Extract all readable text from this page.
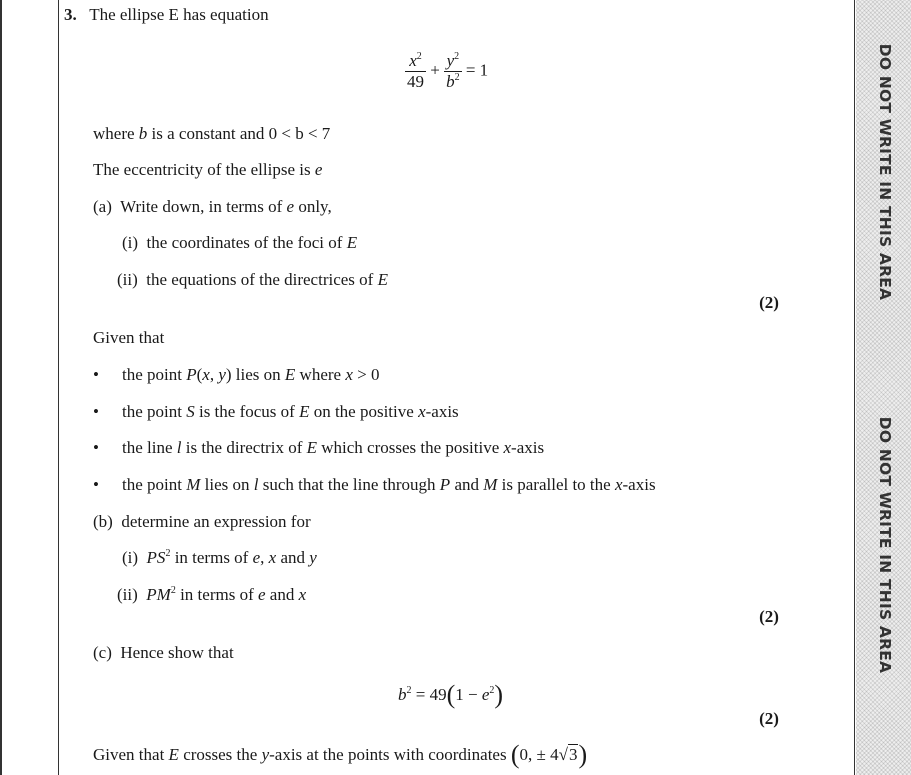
DO NOT WRITE IN THIS AREA
DO NOT WRITE IN THIS AREA
3. The ellipse E has equation
$\frac{x^2}{49} + \frac{y^2}{b^2} = 1$
where b is a constant and 0 < b < 7
The eccentricity of the ellipse is e
(a) Write down, in terms of e only,
(i) the coordinates of the foci of E
(ii) the equations of the directrices of E
(2)
Given that
• the point P(x, y) lies on E where x > 0
• the point S is the focus of E on the positive x-axis
• the line l is the directrix of E which crosses the positive x-axis
• the point M lies on l such that the line through P and M is parallel to the x-axis
(b) determine an expression for
(i) $PS^2$ in terms of e, x and y
(ii) $PM^2$ in terms of e and x
(2)
(c) Hence show that
$b^2 = 49(1 - e^2)$
(2)
Given that E crosses the y-axis at the points with coordinates (0, ± 4√3)
